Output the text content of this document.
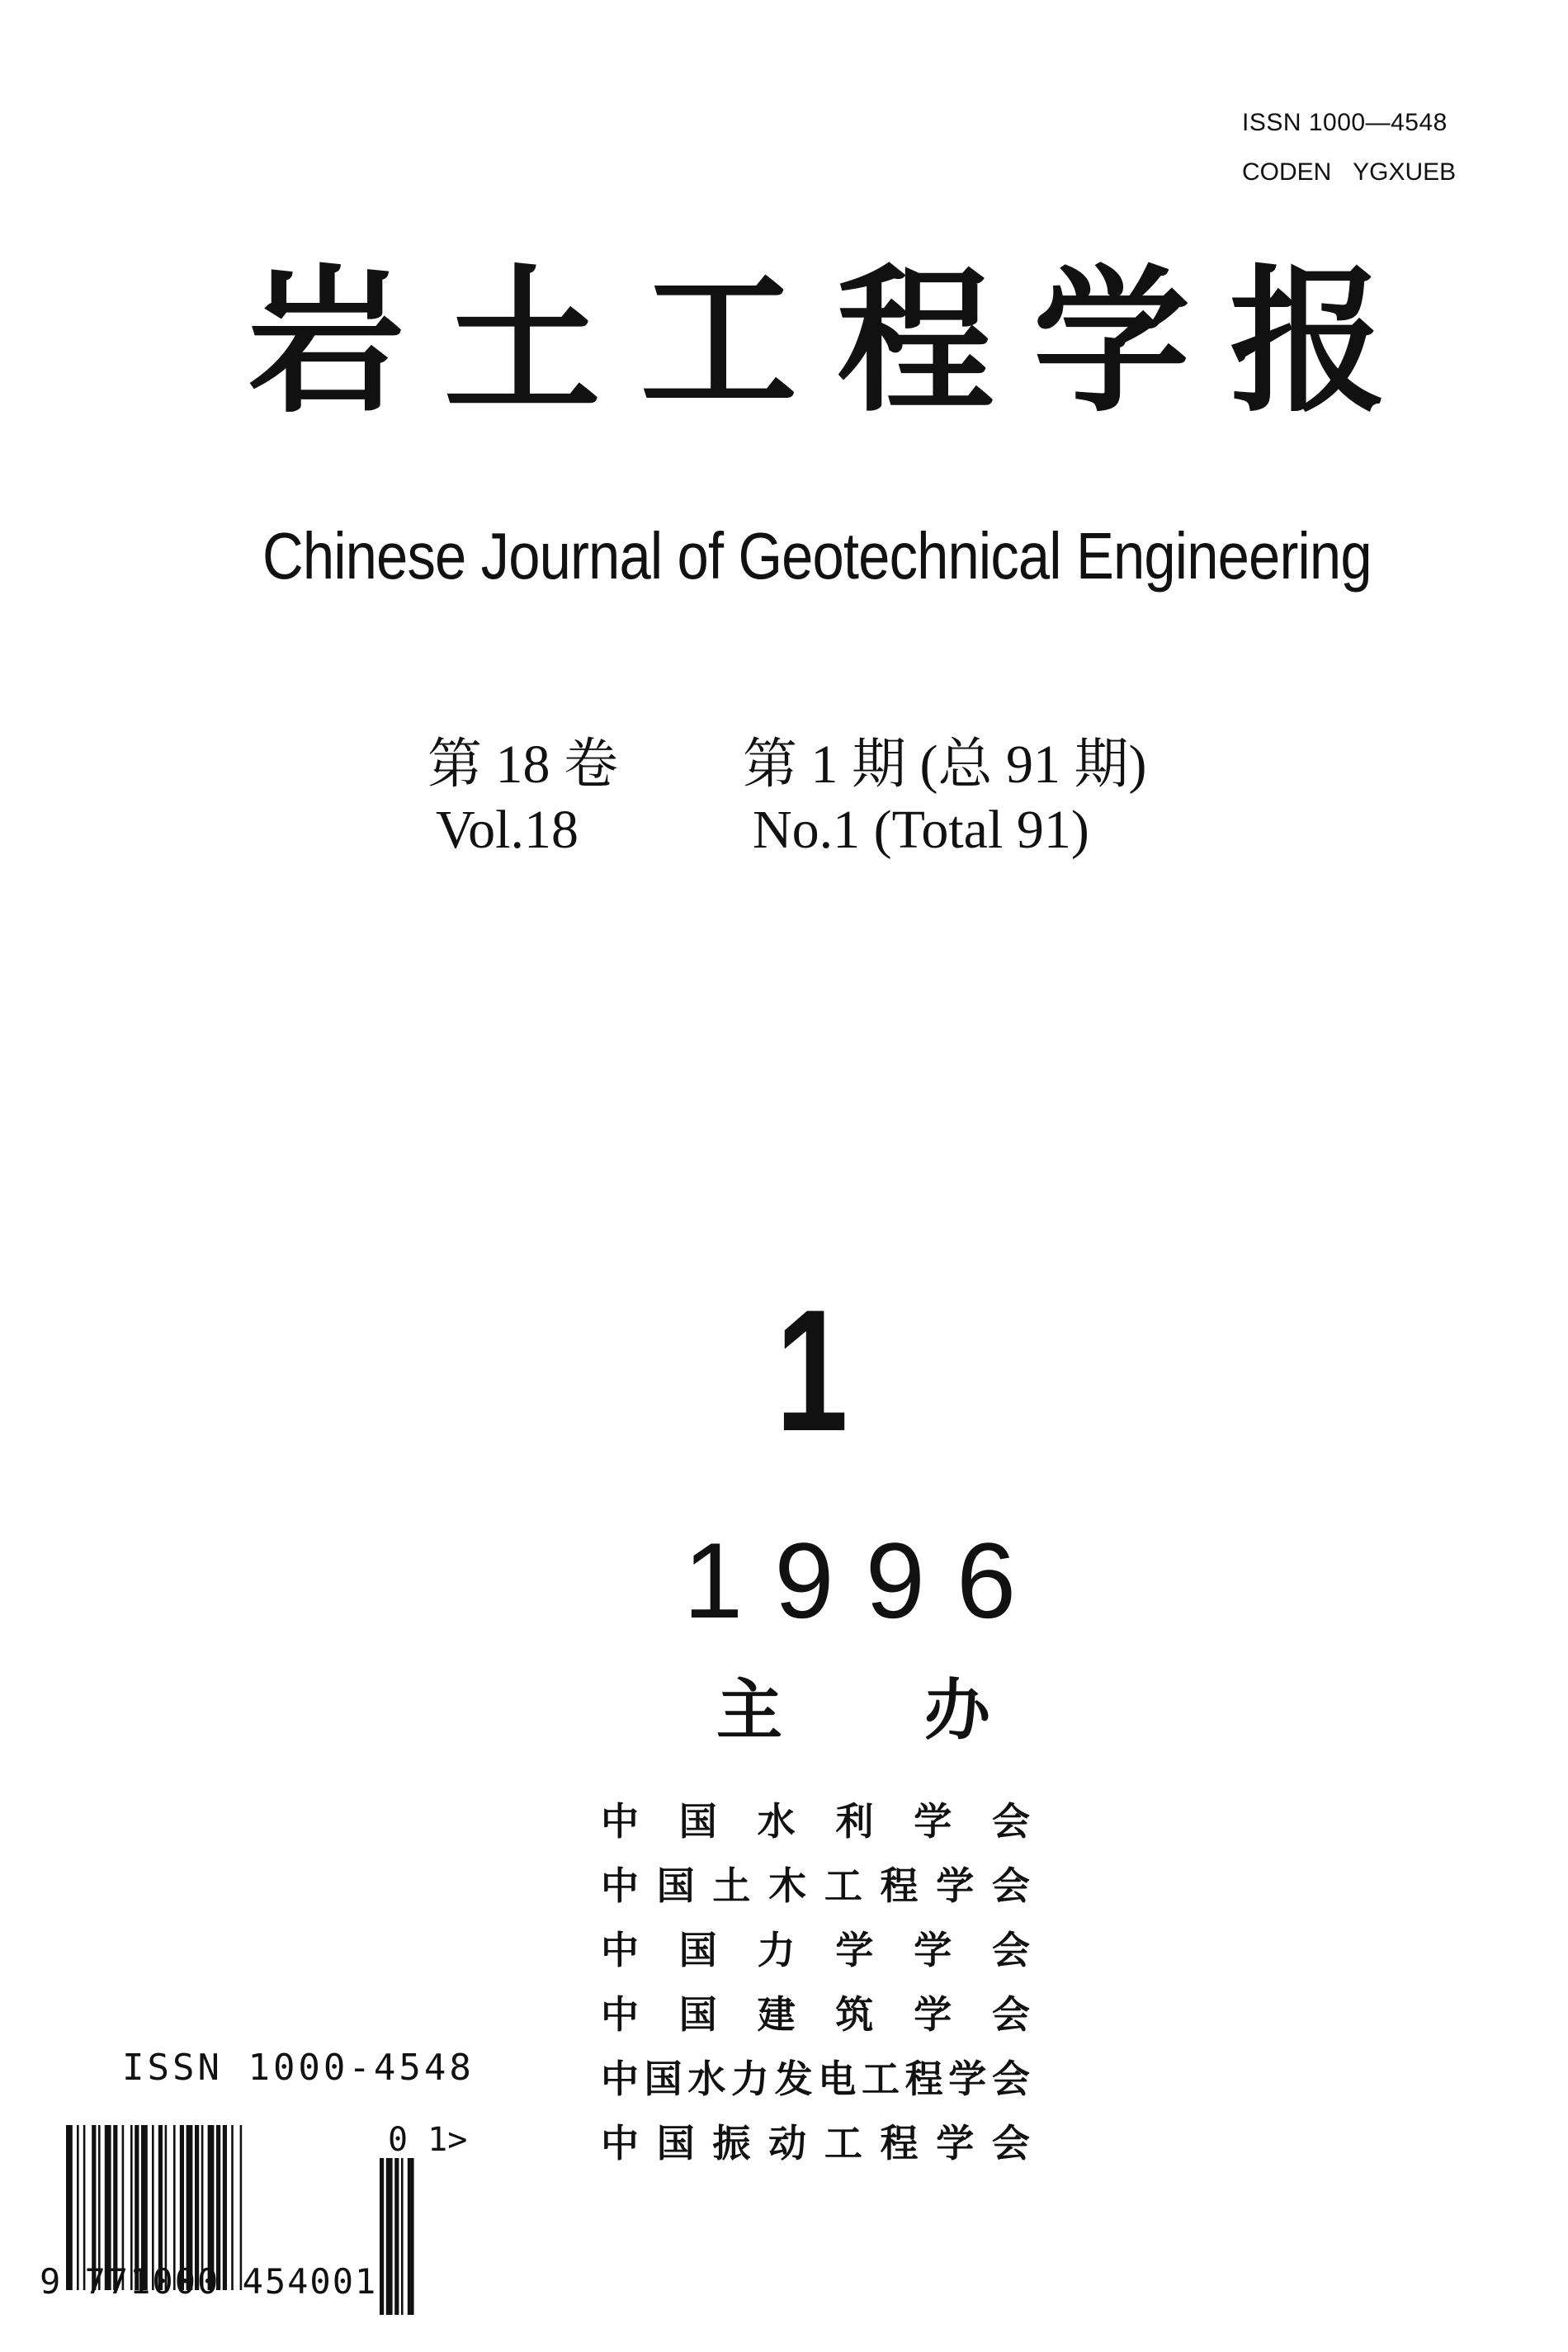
ISSN 1000—4548
CODEN YGXUEB
岩 土 工 程 学 报
Chinese Journal of Geotechnical Engineering
第 18 卷 第 1 期 (总 91 期)
Vol.18	No.1 (Total 91)
1
1996
主 办
中 国 水 利 学 会
中 国 土 木 工 程 学 会
中 国 力 学 学 会
中 国 建 筑 学 会
中 国 水 力 发 电 工 程 学 会
中 国 振 动 工 程 学 会
ISSN 1000-4548
0 1>
9 771000 454001
